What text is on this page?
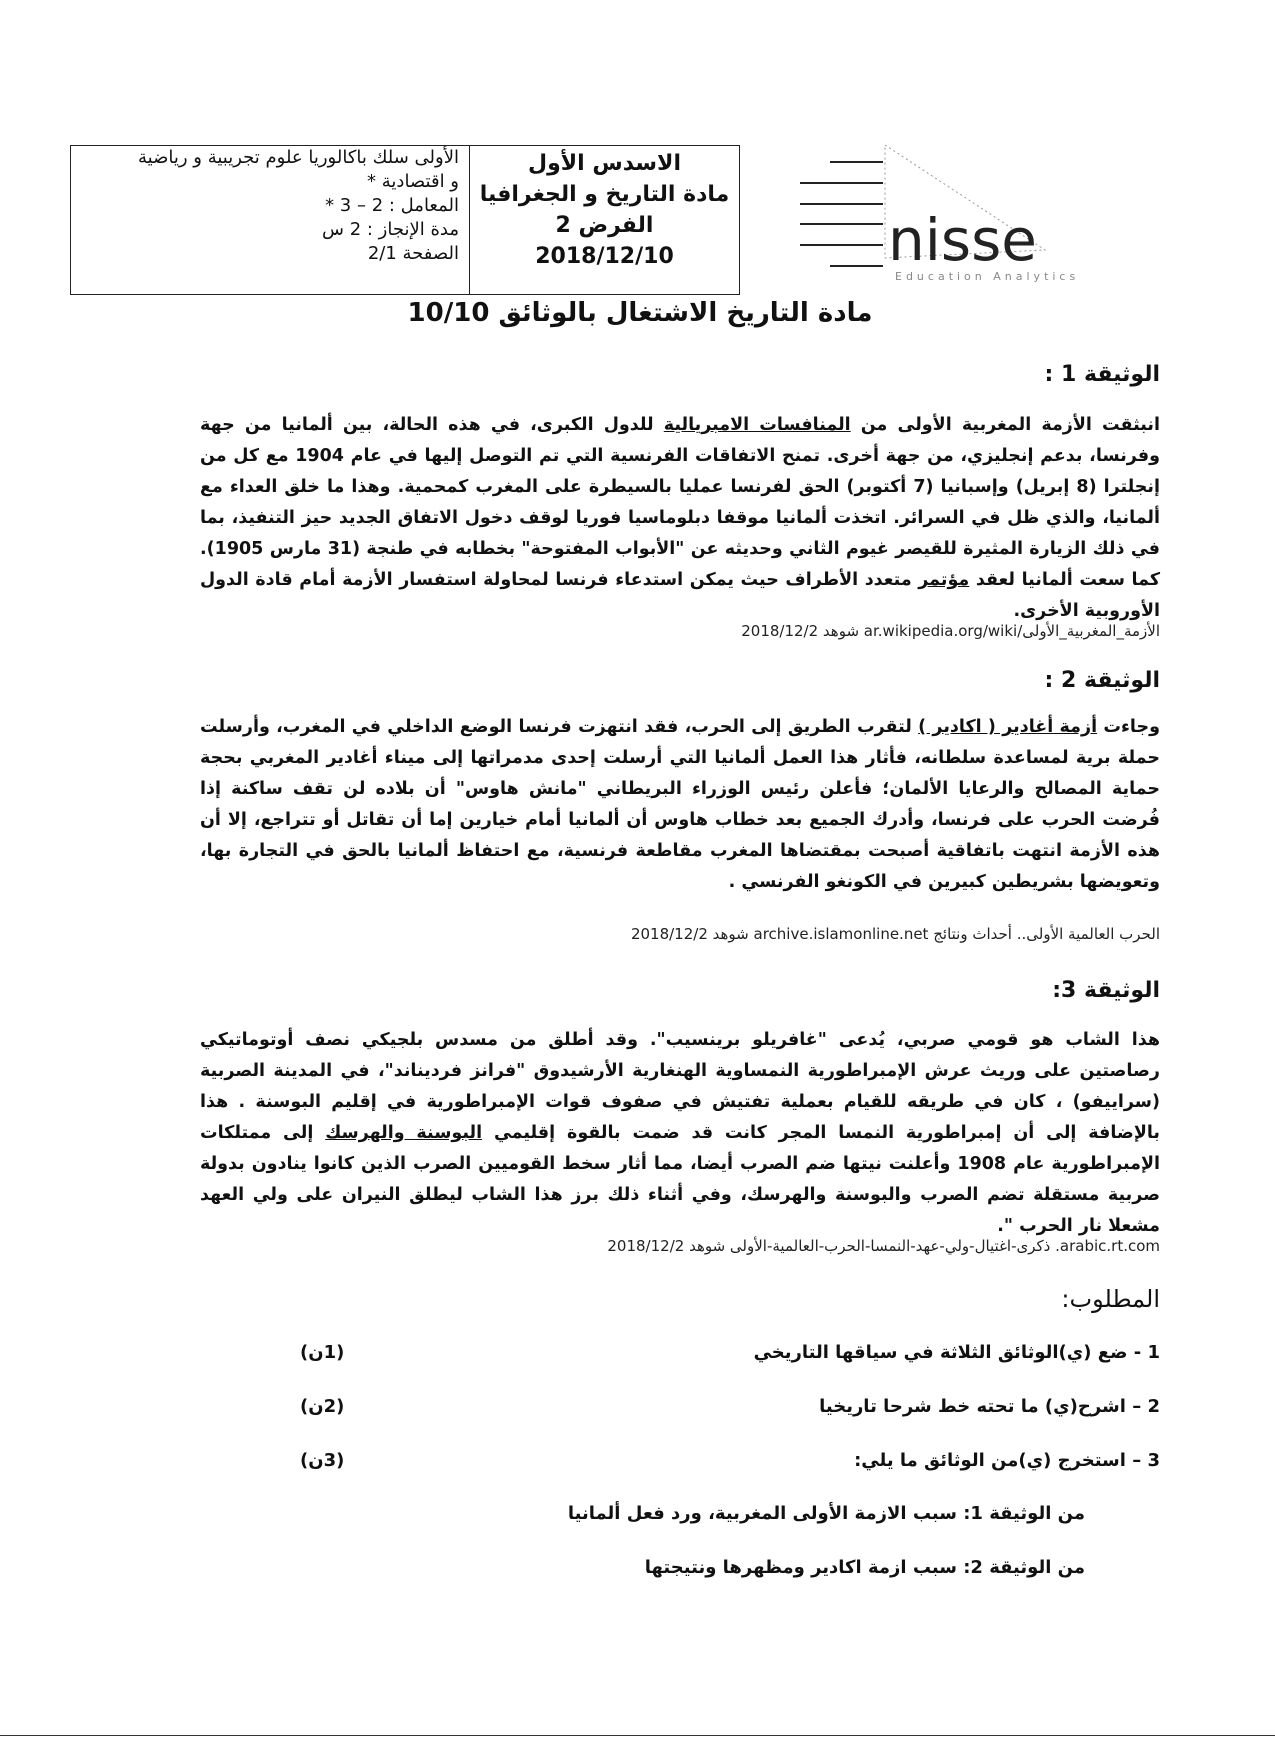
nisse
Education Analytics
الأولى سلك باكالوريا علوم تجريبية و رياضية
و اقتصادية *
المعامل : 2 – 3 *
مدة الإنجاز : 2 س
الصفحة 2/1
الاسدس الأول
مادة التاريخ و الجغرافيا
الفرض 2
2018/12/10
مادة التاريخ الاشتغال بالوثائق 10/10
الوثيقة 1 :

انبثقت الأزمة المغربية الأولى من المنافسات الامبريالية للدول الكبرى، في هذه الحالة، بين ألمانيا من جهة وفرنسا، بدعم إنجليزي، من جهة أخرى. تمنح الاتفاقات الفرنسية التي تم التوصل إليها في عام 1904 مع كل من إنجلترا (8 إبريل) وإسبانيا (7 أكتوبر) الحق لفرنسا عمليا بالسيطرة على المغرب كمحمية. وهذا ما خلق العداء مع ألمانيا، والذي ظل في السرائر. اتخذت ألمانيا موقفا دبلوماسيا فوريا لوقف دخول الاتفاق الجديد حيز التنفيذ، بما في ذلك الزيارة المثيرة للقيصر غيوم الثاني وحديثه عن "الأبواب المفتوحة" بخطابه في طنجة (31 مارس 1905). كما سعت ألمانيا لعقد مؤتمر متعدد الأطراف حيث يمكن استدعاء فرنسا لمحاولة استفسار الأزمة أمام قادة الدول الأوروبية الأخرى.

الأزمة_المغربية_الأولى/ar.wikipedia.org/wiki شوهد 2018/12/2
الوثيقة 2 :

وجاءت أزمة أغادير ( اكادير ) لتقرب الطريق إلى الحرب، فقد انتهزت فرنسا الوضع الداخلي في المغرب، وأرسلت حملة برية لمساعدة سلطانه، فأثار هذا العمل ألمانيا التي أرسلت إحدى مدمراتها إلى ميناء أغادير المغربي بحجة حماية المصالح والرعايا الألمان؛ فأعلن رئيس الوزراء البريطاني "مانش هاوس" أن بلاده لن تقف ساكنة إذا فُرضت الحرب على فرنسا، وأدرك الجميع بعد خطاب هاوس أن ألمانيا أمام خيارين إما أن تقاتل أو تتراجع، إلا أن هذه الأزمة انتهت باتفاقية أصبحت بمقتضاها المغرب مقاطعة فرنسية، مع احتفاظ ألمانيا بالحق في التجارة بها، وتعويضها بشريطين كبيرين في الكونغو الفرنسي .

الحرب العالمية الأولى.. أحداث ونتائج archive.islamonline.net شوهد 2018/12/2
الوثيقة 3:

هذا الشاب هو قومي صربي، يُدعى "غافريلو برينسيب". وقد أطلق من مسدس بلجيكي نصف أوتوماتيكي رصاصتين على وريث عرش الإمبراطورية النمساوية الهنغارية الأرشيدوق "فرانز فرديناند"، في المدينة الصربية (سراييفو) ، كان في طريقه للقيام بعملية تفتيش في صفوف قوات الإمبراطورية في إقليم البوسنة . هذا بالإضافة إلى أن إمبراطورية النمسا المجر كانت قد ضمت بالقوة إقليمي البوسنة والهرسك إلى ممتلكات الإمبراطورية عام 1908 وأعلنت نيتها ضم الصرب أيضا، مما أثار سخط القوميين الصرب الذين كانوا ينادون بدولة صربية مستقلة تضم الصرب والبوسنة والهرسك، وفي أثناء ذلك برز هذا الشاب ليطلق النيران على ولي العهد مشعلا نار الحرب ".

arabic.rt.com. ذكرى-اغتيال-ولي-عهد-النمسا-الحرب-العالمية-الأولى شوهد 2018/12/2
المطلوب:
1 - ضع (ي)الوثائق الثلاثة في سياقها التاريخي
(1ن)
2 – اشرح(ي) ما تحته خط شرحا تاريخيا
(2ن)
3 – استخرج (ي)من الوثائق ما يلي:
(3ن)
من الوثيقة 1: سبب الازمة الأولى المغربية، ورد فعل ألمانيا
من الوثيقة 2: سبب ازمة اكادير ومظهرها ونتيجتها
